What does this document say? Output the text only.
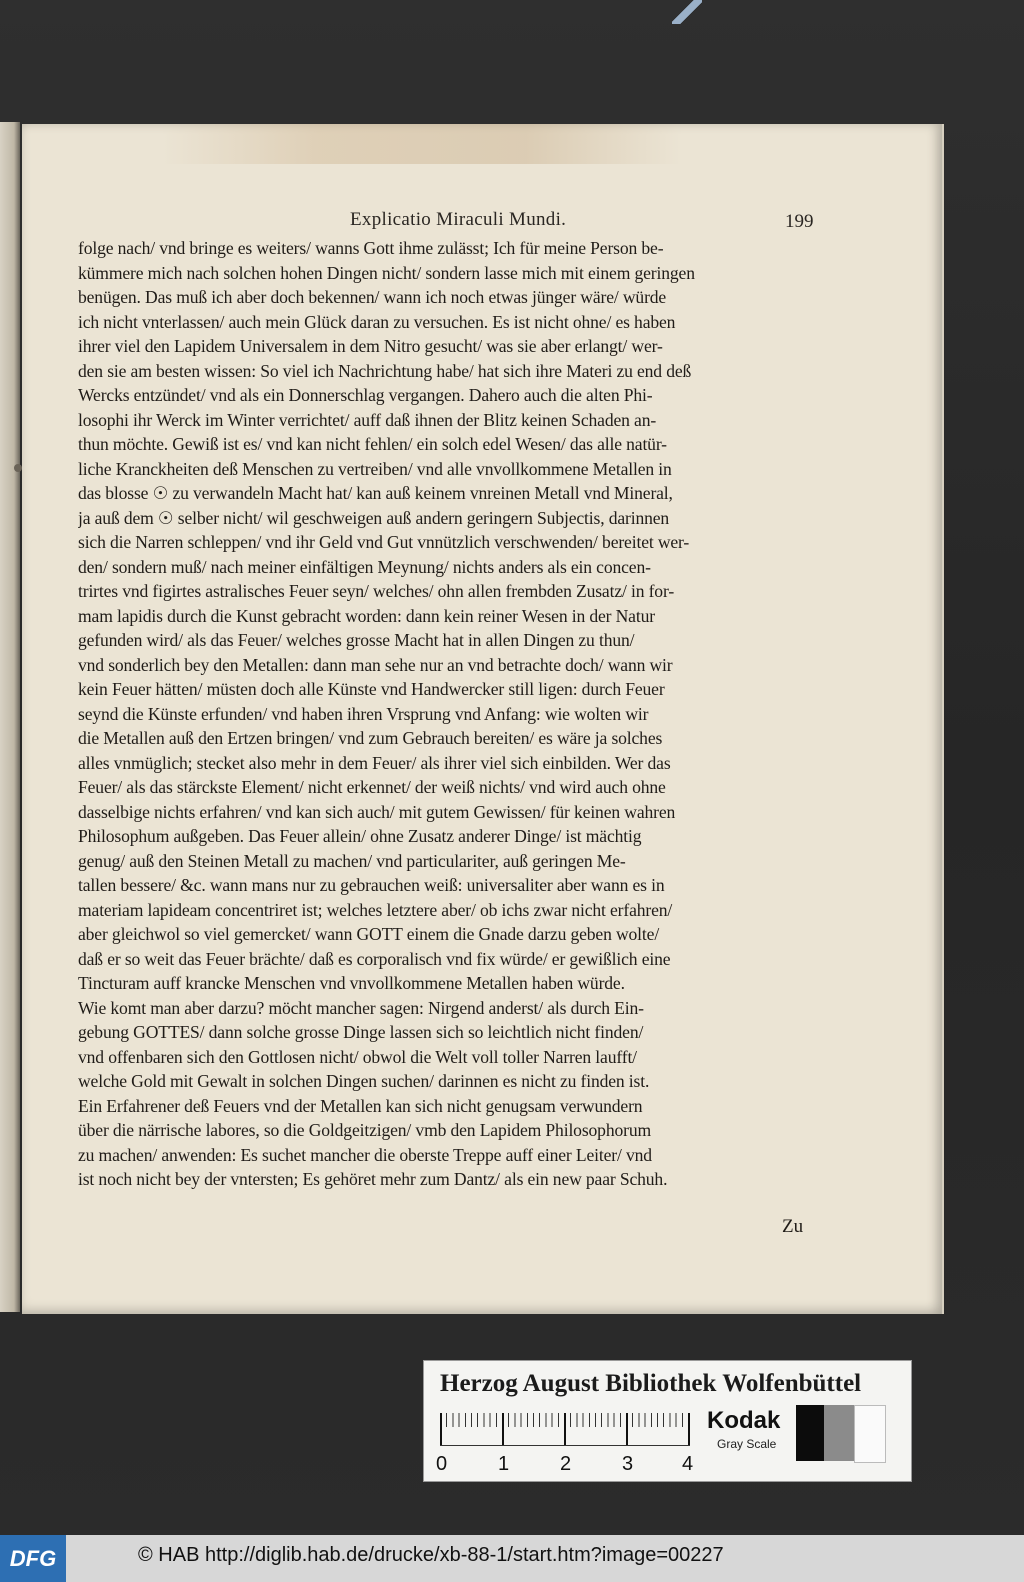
Explicatio Miraculi Mundi.	199
folge nach/ vnd bringe es weiters/ wanns Gott ihme zulässt; Ich für meine Person be-
kümmere mich nach solchen hohen Dingen nicht/ sondern lasse mich mit einem geringen
benügen. Das muß ich aber doch bekennen/ wann ich noch etwas jünger wäre/ würde
ich nicht vnterlassen/ auch mein Glück daran zu versuchen. Es ist nicht ohne/ es haben
ihrer viel den Lapidem Universalem in dem Nitro gesucht/ was sie aber erlangt/ wer-
den sie am besten wissen: So viel ich Nachrichtung habe/ hat sich ihre Materi zu end deß
Wercks entzündet/ vnd als ein Donnerschlag vergangen. Dahero auch die alten Phi-
losophi ihr Werck im Winter verrichtet/ auff daß ihnen der Blitz keinen Schaden an-
thun möchte. Gewiß ist es/ vnd kan nicht fehlen/ ein solch edel Wesen/ das alle natür-
liche Kranckheiten deß Menschen zu vertreiben/ vnd alle vnvollkommene Metallen in
das blosse ☉ zu verwandeln Macht hat/ kan auß keinem vnreinen Metall vnd Mineral,
ja auß dem ☉ selber nicht/ wil geschweigen auß andern geringern Subjectis, darinnen
sich die Narren schleppen/ vnd ihr Geld vnd Gut vnnützlich verschwenden/ bereitet wer-
den/ sondern muß/ nach meiner einfältigen Meynung/ nichts anders als ein concen-
trirtes vnd figirtes astralisches Feuer seyn/ welches/ ohn allen frembden Zusatz/ in for-
mam lapidis durch die Kunst gebracht worden: dann kein reiner Wesen in der Natur
gefunden wird/ als das Feuer/ welches grosse Macht hat in allen Dingen zu thun/
vnd sonderlich bey den Metallen: dann man sehe nur an vnd betrachte doch/ wann wir
kein Feuer hätten/ müsten doch alle Künste vnd Handwercker still ligen: durch Feuer
seynd die Künste erfunden/ vnd haben ihren Vrsprung vnd Anfang: wie wolten wir
die Metallen auß den Ertzen bringen/ vnd zum Gebrauch bereiten/ es wäre ja solches
alles vnmüglich; stecket also mehr in dem Feuer/ als ihrer viel sich einbilden. Wer das
Feuer/ als das stärckste Element/ nicht erkennet/ der weiß nichts/ vnd wird auch ohne
dasselbige nichts erfahren/ vnd kan sich auch/ mit gutem Gewissen/ für keinen wahren
Philosophum außgeben. Das Feuer allein/ ohne Zusatz anderer Dinge/ ist mächtig
genug/ auß den Steinen Metall zu machen/ vnd particulariter, auß geringen Me-
tallen bessere/ &c. wann mans nur zu gebrauchen weiß: universaliter aber wann es in
materiam lapideam concentriret ist; welches letztere aber/ ob ichs zwar nicht erfahren/
aber gleichwol so viel gemercket/ wann GOTT einem die Gnade darzu geben wolte/
daß er so weit das Feuer brächte/ daß es corporalisch vnd fix würde/ er gewißlich eine
Tincturam auff krancke Menschen vnd vnvollkommene Metallen haben würde.
Wie komt man aber darzu? möcht mancher sagen: Nirgend anderst/ als durch Ein-
gebung GOTTES/ dann solche grosse Dinge lassen sich so leichtlich nicht finden/
vnd offenbaren sich den Gottlosen nicht/ obwol die Welt voll toller Narren laufft/
welche Gold mit Gewalt in solchen Dingen suchen/ darinnen es nicht zu finden ist.
Ein Erfahrener deß Feuers vnd der Metallen kan sich nicht genugsam verwundern
über die närrische labores, so die Goldgeitzigen/ vmb den Lapidem Philosophorum
zu machen/ anwenden: Es suchet mancher die oberste Treppe auff einer Leiter/ vnd
ist noch nicht bey der vntersten; Es gehöret mehr zum Dantz/ als ein new paar Schuh.
Zu
Herzog August Bibliothek Wolfenbüttel
0	1	2	3 4
Kodak
Gray Scale
DFG	© HAB http://diglib.hab.de/drucke/xb-88-1/start.htm?image=00227
